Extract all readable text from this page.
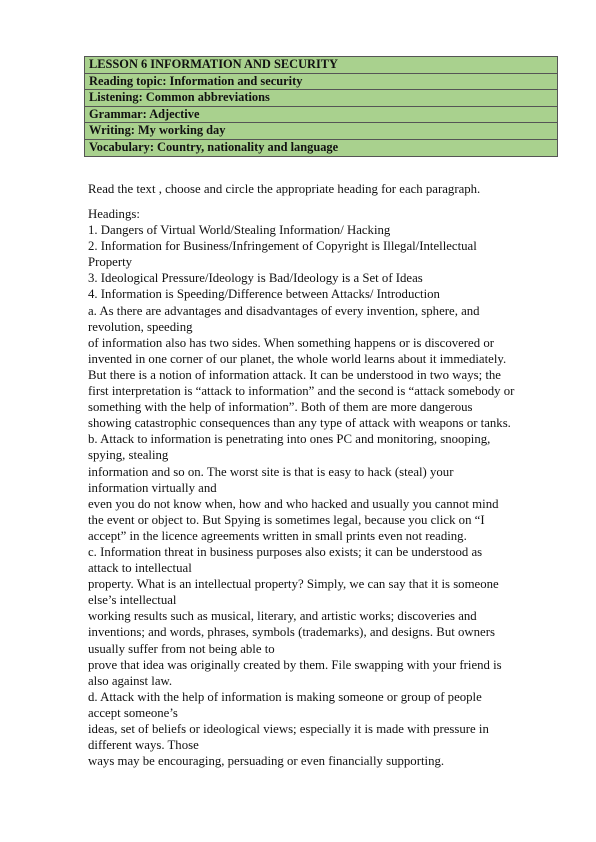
LESSON 6 INFORMATION AND SECURITY
Reading topic: Information and security
Listening: Common abbreviations
Grammar: Adjective
Writing: My working day
Vocabulary: Country, nationality and language
Read the text , choose and circle the appropriate heading for each paragraph.
Headings:
1. Dangers of Virtual World/Stealing Information/ Hacking
2. Information for Business/Infringement of Copyright is Illegal/Intellectual
Property
3. Ideological Pressure/Ideology is Bad/Ideology is a Set of Ideas
4. Information is Speeding/Difference between Attacks/ Introduction
a. As there are advantages and disadvantages of every invention, sphere, and
revolution, speeding
of information also has two sides. When something happens or is discovered or
invented in one corner of our planet, the whole world learns about it immediately.
But there is a notion of information attack. It can be understood in two ways; the
first interpretation is “attack to information” and the second is “attack somebody or
something with the help of information”. Both of them are more dangerous
showing catastrophic consequences than any type of attack with weapons or tanks.
b. Attack to information is penetrating into ones PC and monitoring, snooping,
spying, stealing
information and so on. The worst site is that is easy to hack (steal) your
information virtually and
even you do not know when, how and who hacked and usually you cannot mind
the event or object to. But Spying is sometimes legal, because you click on “I
accept” in the licence agreements written in small prints even not reading.
c. Information threat in business purposes also exists; it can be understood as
attack to intellectual
property. What is an intellectual property? Simply, we can say that it is someone
else’s intellectual
working results such as musical, literary, and artistic works; discoveries and
inventions; and words, phrases, symbols (trademarks), and designs. But owners
usually suffer from not being able to
prove that idea was originally created by them. File swapping with your friend is
also against law.
d. Attack with the help of information is making someone or group of people
accept someone’s
ideas, set of beliefs or ideological views; especially it is made with pressure in
different ways. Those
ways may be encouraging, persuading or even financially supporting.
